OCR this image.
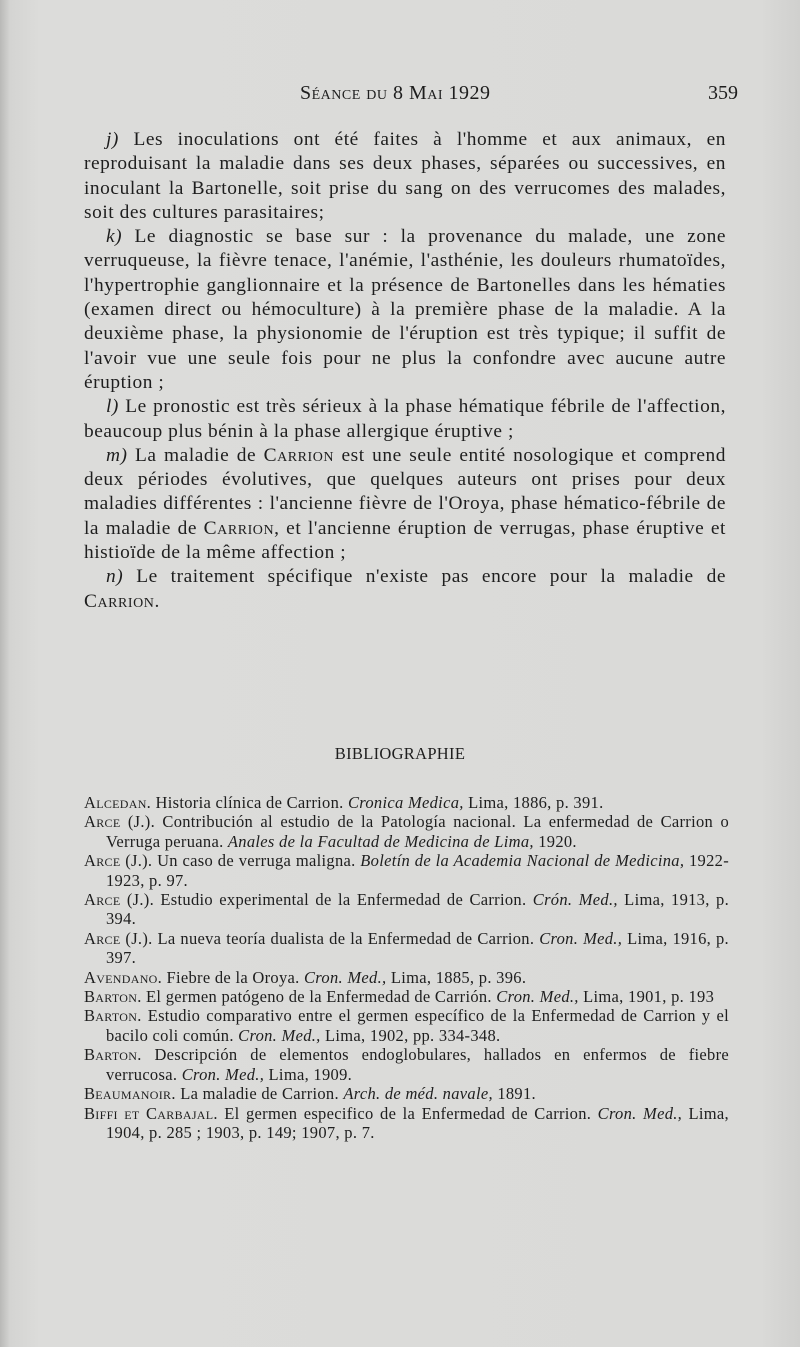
Séance du 8 Mai 1929	359

j) Les inoculations ont été faites à l'homme et aux animaux, en reproduisant la maladie dans ses deux phases, séparées ou successives, en inoculant la Bartonelle, soit prise du sang on des verrucomes des malades, soit des cultures parasitaires;

k) Le diagnostic se base sur : la provenance du malade, une zone verruqueuse, la fièvre tenace, l'anémie, l'asthénie, les douleurs rhumatoïdes, l'hypertrophie ganglionnaire et la présence de Bartonelles dans les hématies (examen direct ou hémoculture) à la première phase de la maladie. A la deuxième phase, la physionomie de l'éruption est très typique; il suffit de l'avoir vue une seule fois pour ne plus la confondre avec aucune autre éruption ;

l) Le pronostic est très sérieux à la phase hématique fébrile de l'affection, beaucoup plus bénin à la phase allergique éruptive ;

m) La maladie de Carrion est une seule entité nosologique et comprend deux périodes évolutives, que quelques auteurs ont prises pour deux maladies différentes : l'ancienne fièvre de l'Oroya, phase hématico-fébrile de la maladie de Carrion, et l'ancienne éruption de verrugas, phase éruptive et histioïde de la même affection ;

n) Le traitement spécifique n'existe pas encore pour la maladie de Carrion.

BIBLIOGRAPHIE

Alcedan. Historia clínica de Carrion. Cronica Medica, Lima, 1886, p. 391.

Arce (J.). Contribución al estudio de la Patología nacional. La enfermedad de Carrion o Verruga peruana. Anales de la Facultad de Medicina de Lima, 1920.

Arce (J.). Un caso de verruga maligna. Boletín de la Academia Nacional de Medicina, 1922-1923, p. 97.

Arce (J.). Estudio experimental de la Enfermedad de Carrion. Crón. Med., Lima, 1913, p. 394.

Arce (J.). La nueva teoría dualista de la Enfermedad de Carrion. Cron. Med., Lima, 1916, p. 397.

Avendano. Fiebre de la Oroya. Cron. Med., Lima, 1885, p. 396.

Barton. El germen patógeno de la Enfermedad de Carrión. Cron. Med., Lima, 1901, p. 193

Barton. Estudio comparativo entre el germen específico de la Enfermedad de Carrion y el bacilo coli común. Cron. Med., Lima, 1902, pp. 334-348.

Barton. Descripción de elementos endoglobulares, hallados en enfermos de fiebre verrucosa. Cron. Med., Lima, 1909.

Beaumanoir. La maladie de Carrion. Arch. de méd. navale, 1891.

Biffi et Carbajal. El germen especifico de la Enfermedad de Carrion. Cron. Med., Lima, 1904, p. 285 ; 1903, p. 149; 1907, p. 7.
